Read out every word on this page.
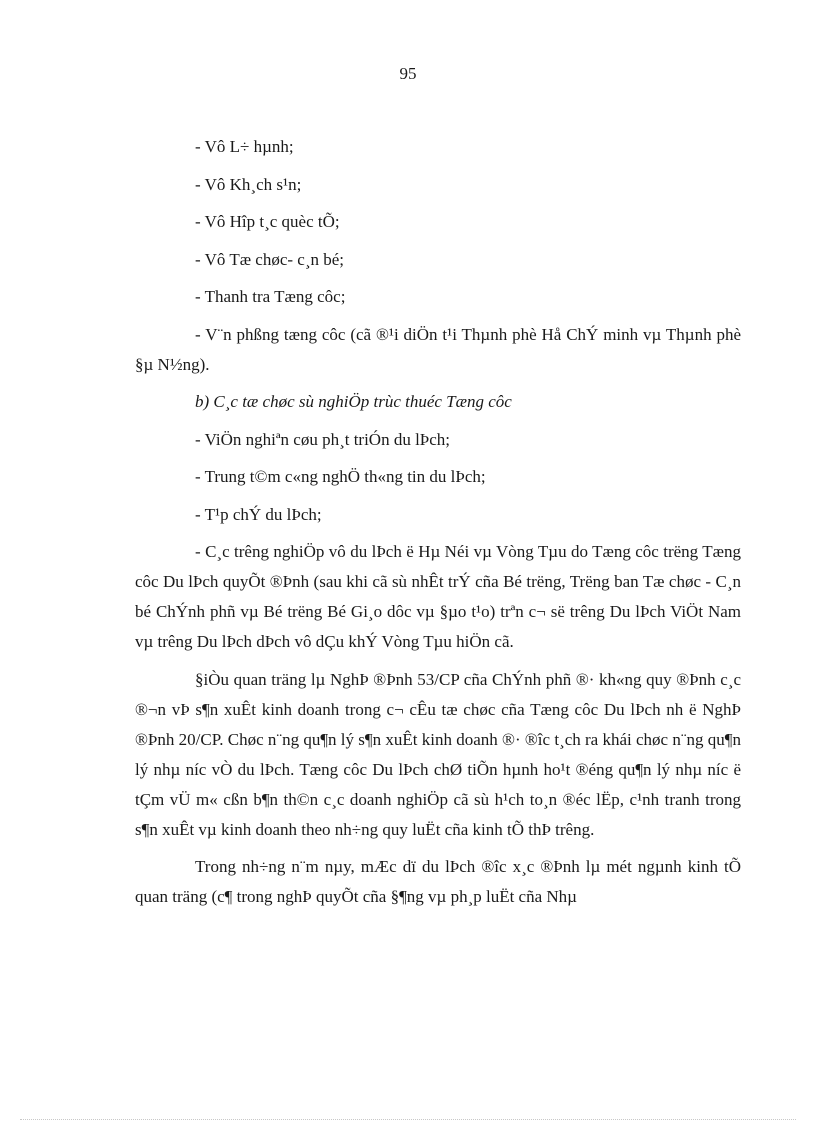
95
- Vô L÷ hµnh;
- Vô Kh¸ch s¹n;
- Vô Hîp t¸c quèc tÕ;
- Vô Tæ chøc- c¸n bé;
- Thanh tra Tæng côc;

- V¨n phßng tæng côc (cã ®¹i diÖn t¹i Thµnh phè Hå ChÝ minh vµ Thµnh phè §µ N½ng).

b) C¸c tæ chøc sù nghiÖp trùc thuéc Tæng côc
- ViÖn nghiªn cøu ph¸t triÓn du lÞch;
- Trung t©m c«ng nghÖ th«ng tin du lÞch;
- T¹p chÝ du lÞch;

- C¸c trêng nghiÖp vô du lÞch ë Hµ Néi vµ Vòng Tµu do Tæng côc trëng Tæng côc Du lÞch quyÕt ®Þnh (sau khi cã sù nhÊt trÝ cña Bé trëng, Trëng ban Tæ chøc - C¸n bé ChÝnh phñ vµ Bé trëng Bé Gi¸o dôc vµ §µo t¹o) trªn c¬ së trêng Du lÞch ViÖt Nam vµ trêng Du lÞch dÞch vô dÇu khÝ Vòng Tµu hiÖn cã.

§iÒu quan träng lµ NghÞ ®Þnh 53/CP cña ChÝnh phñ ®· kh«ng quy ®Þnh c¸c ®¬n vÞ s¶n xuÊt kinh doanh trong c¬ cÊu tæ chøc cña Tæng côc Du lÞch nh ë NghÞ ®Þnh 20/CP. Chøc n¨ng qu¶n lý s¶n xuÊt kinh doanh ®· ®îc t¸ch ra khái chøc n¨ng qu¶n lý nhµ níc vÒ du lÞch. Tæng côc Du lÞch chØ tiÕn hµnh ho¹t ®éng qu¶n lý nhµ níc ë tÇm vÜ m« cßn b¶n th©n c¸c doanh nghiÖp cã sù h¹ch to¸n ®éc lËp, c¹nh tranh trong s¶n xuÊt vµ kinh doanh theo nh÷ng quy luËt cña kinh tÕ thÞ trêng.

Trong nh÷ng n¨m nµy, mÆc dï du lÞch ®îc x¸c ®Þnh lµ mét ngµnh kinh tÕ quan träng (c¶ trong nghÞ quyÕt cña §¶ng vµ ph¸p luËt cña Nhµ
